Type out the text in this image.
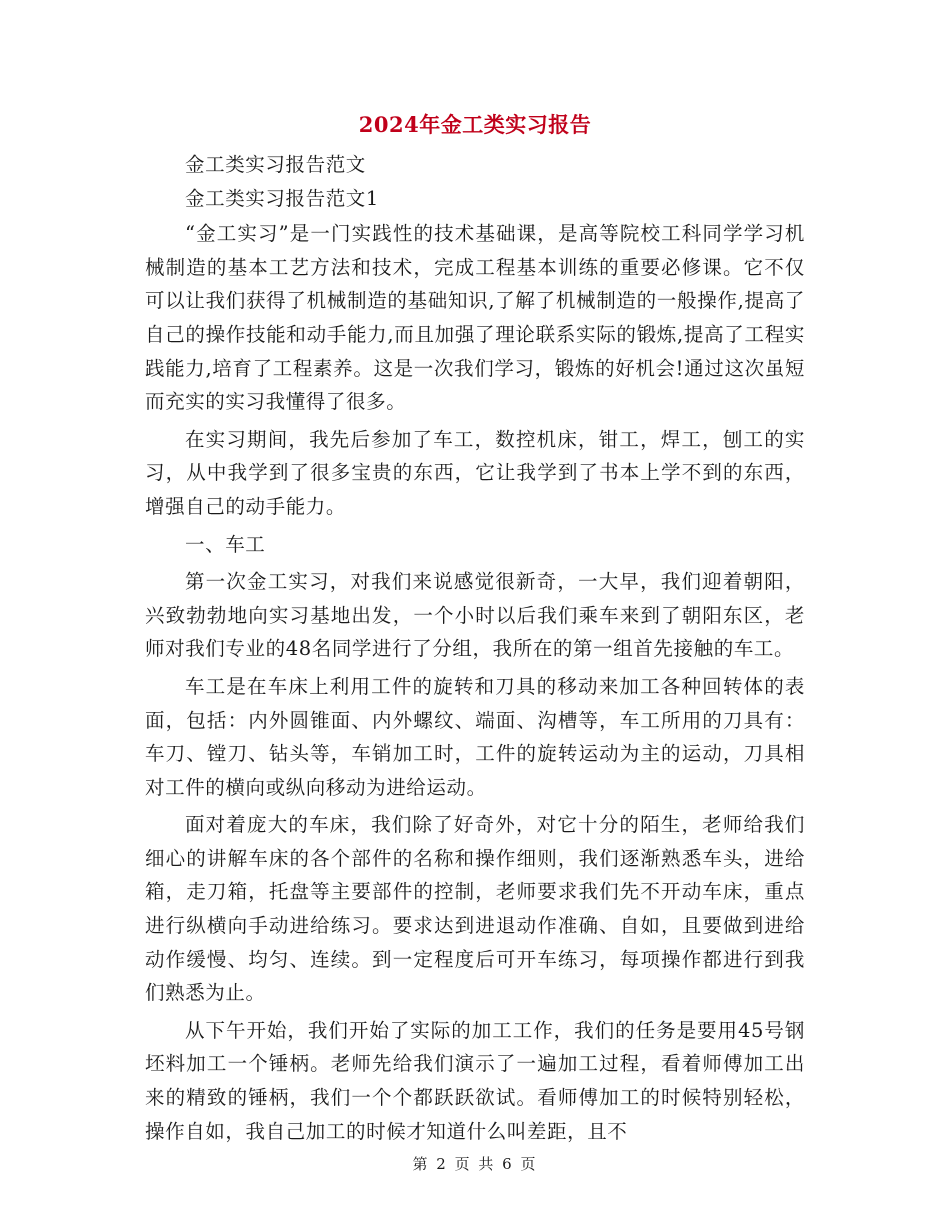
2024年金工类实习报告

金工类实习报告范文

金工类实习报告范文1

“金工实习”是一门实践性的技术基础课，是高等院校工科同学学习机械制造的基本工艺方法和技术，完成工程基本训练的重要必修课。它不仅可以让我们获得了机械制造的基础知识,了解了机械制造的一般操作,提高了自己的操作技能和动手能力,而且加强了理论联系实际的锻炼,提高了工程实践能力,培育了工程素养。这是一次我们学习，锻炼的好机会!通过这次虽短而充实的实习我懂得了很多。

在实习期间，我先后参加了车工，数控机床，钳工，焊工，刨工的实习，从中我学到了很多宝贵的东西，它让我学到了书本上学不到的东西，增强自己的动手能力。

一、车工

第一次金工实习，对我们来说感觉很新奇，一大早，我们迎着朝阳，兴致勃勃地向实习基地出发，一个小时以后我们乘车来到了朝阳东区，老师对我们专业的48名同学进行了分组，我所在的第一组首先接触的车工。

车工是在车床上利用工件的旋转和刀具的移动来加工各种回转体的表面，包括：内外圆锥面、内外螺纹、端面、沟槽等，车工所用的刀具有：车刀、镗刀、钻头等，车销加工时，工件的旋转运动为主的运动，刀具相对工件的横向或纵向移动为进给运动。

面对着庞大的车床，我们除了好奇外，对它十分的陌生，老师给我们细心的讲解车床的各个部件的名称和操作细则，我们逐渐熟悉车头，进给箱，走刀箱，托盘等主要部件的控制，老师要求我们先不开动车床，重点进行纵横向手动进给练习。要求达到进退动作准确、自如，且要做到进给动作缓慢、均匀、连续。到一定程度后可开车练习，每项操作都进行到我们熟悉为止。

从下午开始，我们开始了实际的加工工作，我们的任务是要用45号钢坯料加工一个锤柄。老师先给我们演示了一遍加工过程，看着师傅加工出来的精致的锤柄，我们一个个都跃跃欲试。看师傅加工的时候特别轻松，操作自如，我自己加工的时候才知道什么叫差距，且不

第 2 页 共 6 页
